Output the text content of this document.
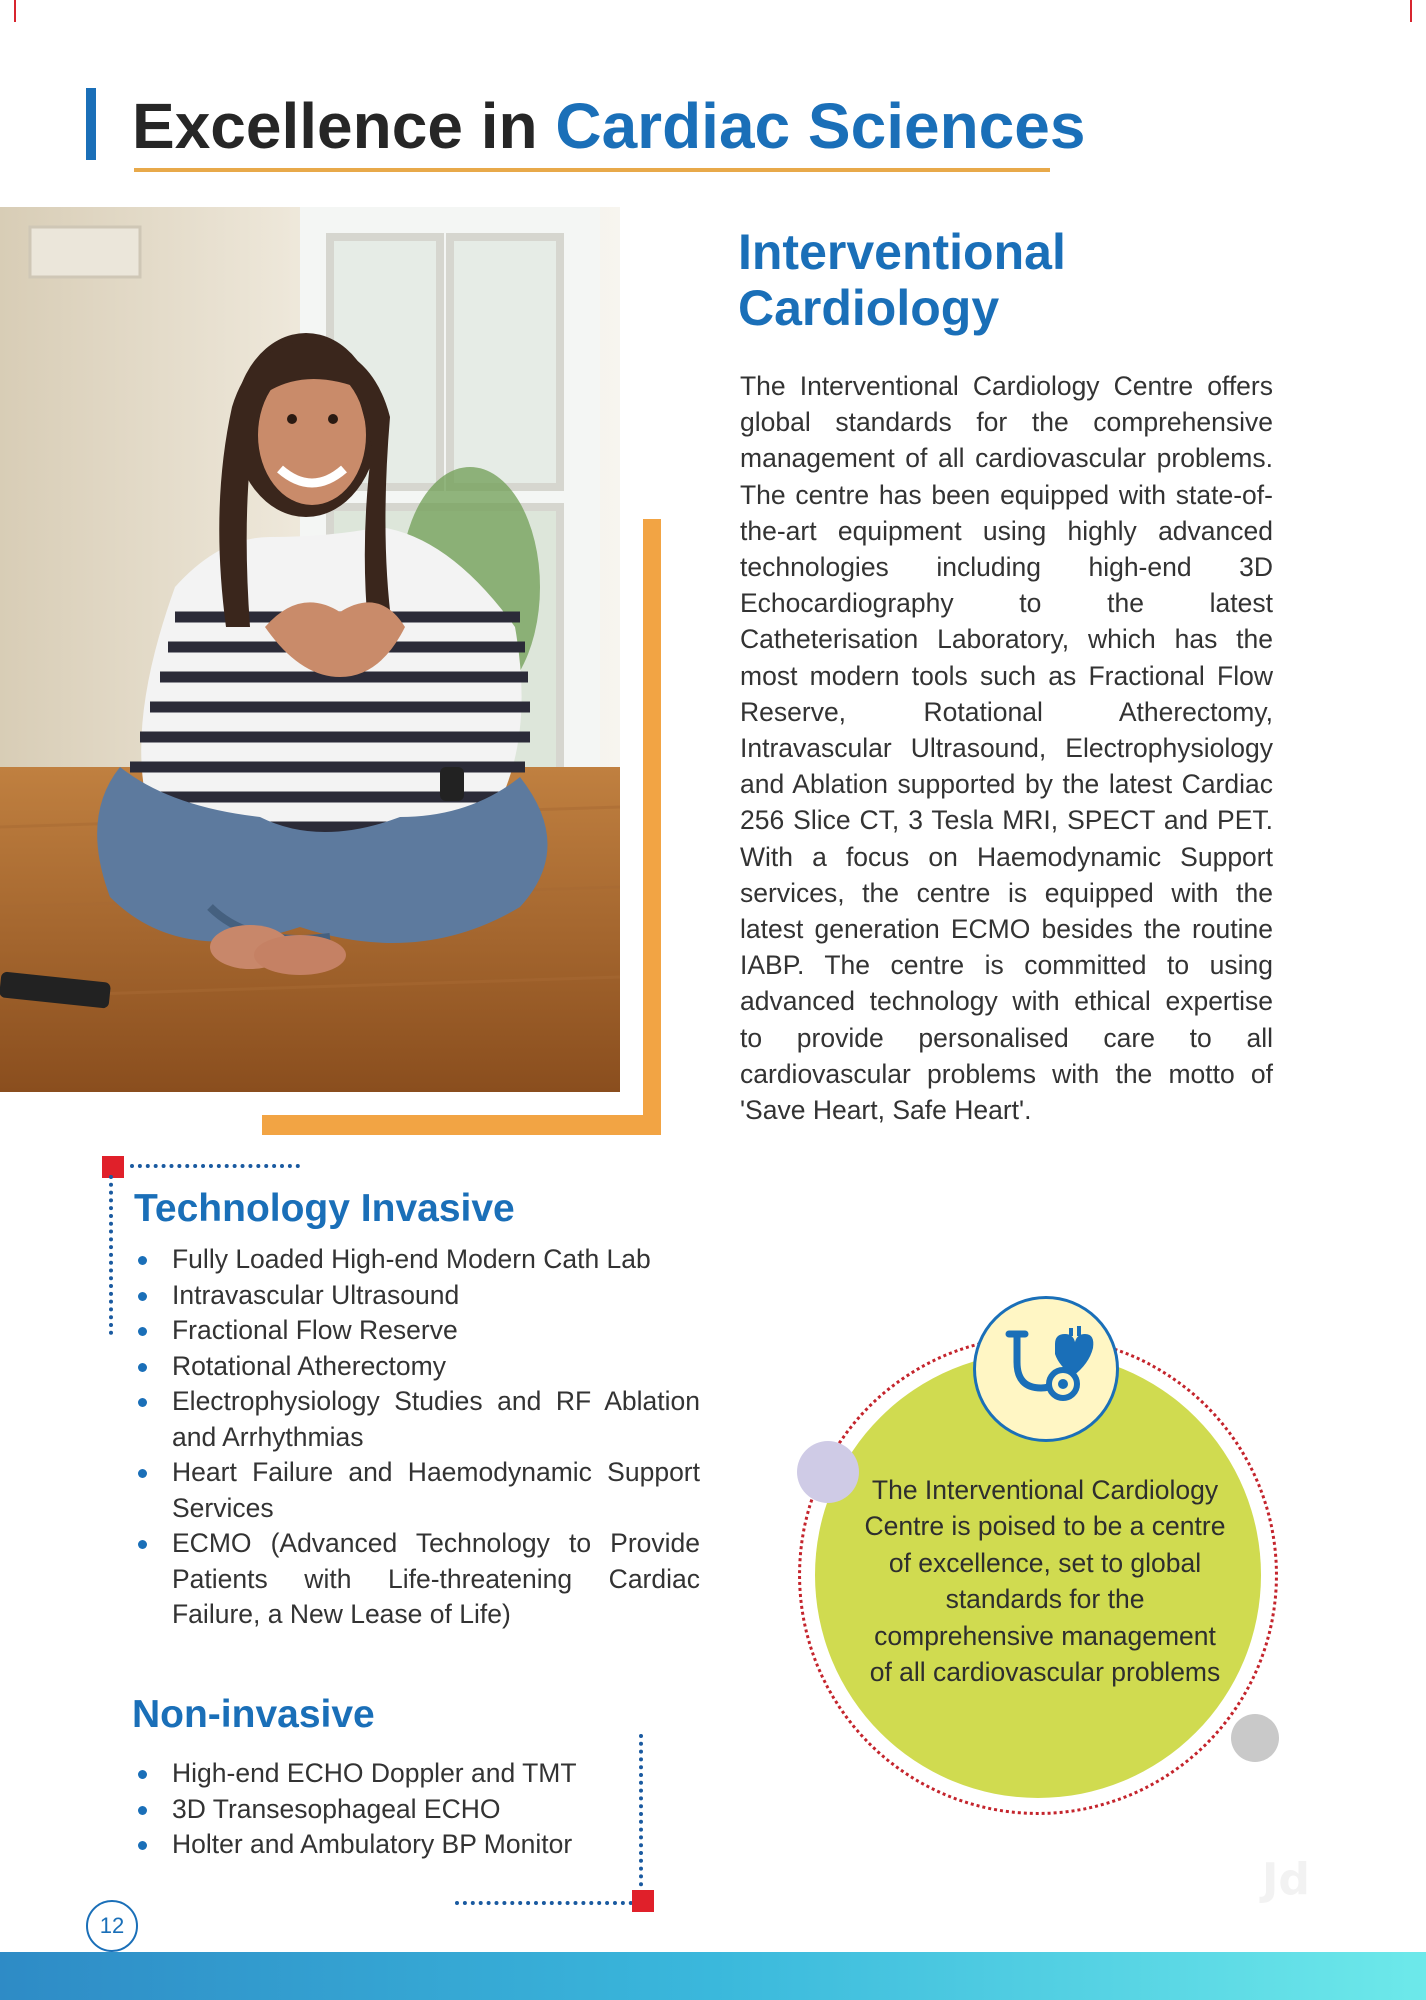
Excellence in Cardiac Sciences
Interventional
Cardiology

The Interventional Cardiology Centre offers global standards for the comprehensive management of all cardiovascular problems. The centre has been equipped with state-of-the-art equipment using highly advanced technologies including high-end 3D Echocardiography to the latest Catheterisation Laboratory, which has the most modern tools such as Fractional Flow Reserve, Rotational Atherectomy, Intravascular Ultrasound, Electrophysiology and Ablation supported by the latest Cardiac 256 Slice CT, 3 Tesla MRI, SPECT and PET. With a focus on Haemodynamic Support services, the centre is equipped with the latest generation ECMO besides the routine IABP. The centre is committed to using advanced technology with ethical expertise to provide personalised care to all cardiovascular problems with the motto of 'Save Heart, Safe Heart'.

Technology Invasive
Fully Loaded High-end Modern Cath Lab
Intravascular Ultrasound
Fractional Flow Reserve
Rotational Atherectomy
Electrophysiology Studies and RF Ablation and Arrhythmias
Heart Failure and Haemodynamic Support Services
ECMO (Advanced Technology to Provide Patients with Life-threatening Cardiac Failure, a New Lease of Life)
Non-invasive
High-end ECHO Doppler and TMT
3D Transesophageal ECHO
Holter and Ambulatory BP Monitor

The Interventional Cardiology Centre is poised to be a centre of excellence, set to global standards for the comprehensive management of all cardiovascular problems

12
Jd
